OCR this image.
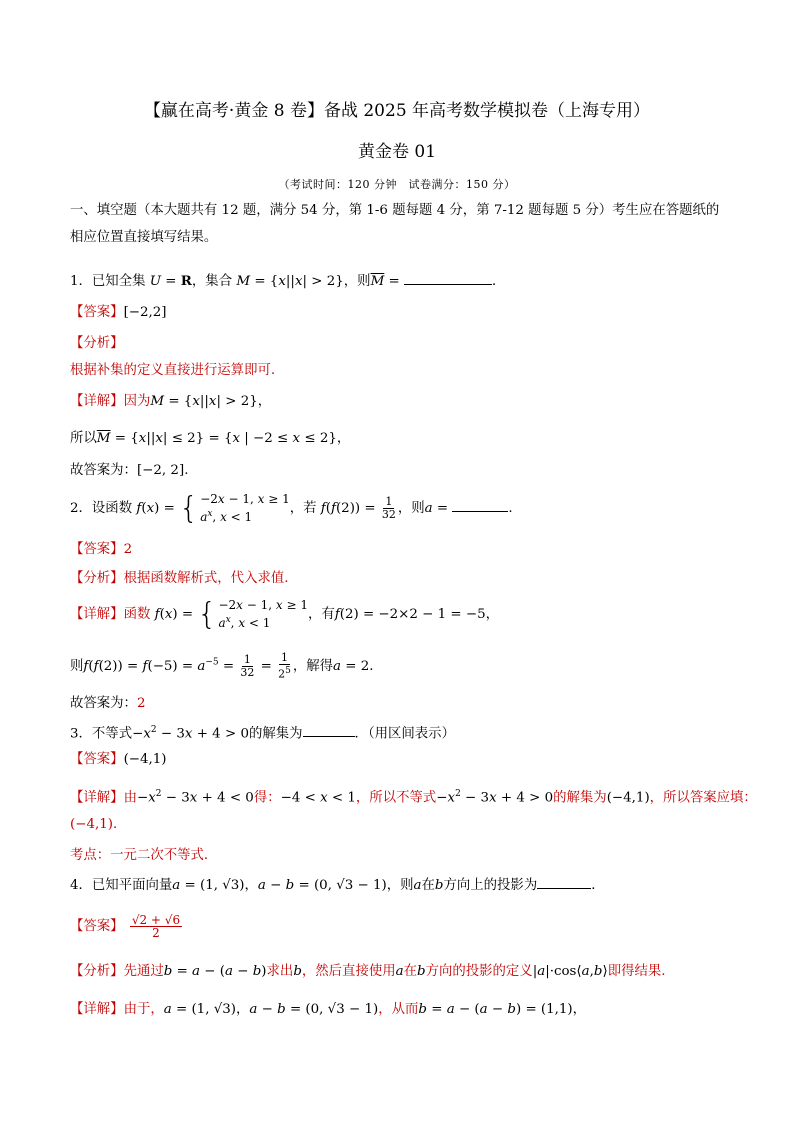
【赢在高考·黄金 8 卷】备战 2025 年高考数学模拟卷（上海专用）
黄金卷 01
（考试时间：120 分钟　试卷满分：150 分）
一、填空题（本大题共有 12 题，满分 54 分，第 1-6 题每题 4 分，第 7-12 题每题 5 分）考生应在答题纸的
相应位置直接填写结果。
1．已知全集 U = R，集合 M = {x||x| > 2}，则$\overline{M}$ =	．
【答案】[−2,2]
【分析】
根据补集的定义直接进行运算即可.
【详解】因为M = {x||x| > 2}，
所以$\overline{M} = \{x||x| \le 2\} = \{x$ | −2 ≤ x ≤ 2}，
故答案为：[−2, 2].
2．设函数 f(x) = { −2x − 1, x ≥ 1
$a^x$, x < 1
，若 $f(f(2)) = \frac{1}{32}$ ，则a =	.
【答案】2
【分析】根据函数解析式，代入求值.
【详解】函数 f(x) = { −2x − 1, x ≥ 1
$a^x$, x < 1
，有f(2) = −2×2 − 1 = −5，
则$f(f(2)) = f(-5) = a^{-5} = \frac{1}{32} = \frac{1}{2^5}$ ，解得a = 2.
故答案为：2
3．不等式$-x^2 - 3x + 4 > 0$的解集为	．（用区间表示）
【答案】(−4,1)
【详解】由$-x^2 - 3x + 4 < 0$得：−4 < x < 1，所以不等式$-x^2 - 3x + 4 > 0$的解集为(−4,1)，所以答案应填：
(−4,1)．
考点：一元二次不等式．
4．已知平面向量a = (1, √3)，a − b = (0, √3 − 1)，则a在b方向上的投影为	．
【答案】 $\frac{√2 + √6}{2}$
【分析】先通过b = a − (a − b)求出b，然后直接使用a在b方向的投影的定义|a|·cos⟨a,b⟩即得结果.
【详解】由于，a = (1, √3)，a − b = (0, √3 − 1)，从而b = a − (a − b) = (1,1)，
